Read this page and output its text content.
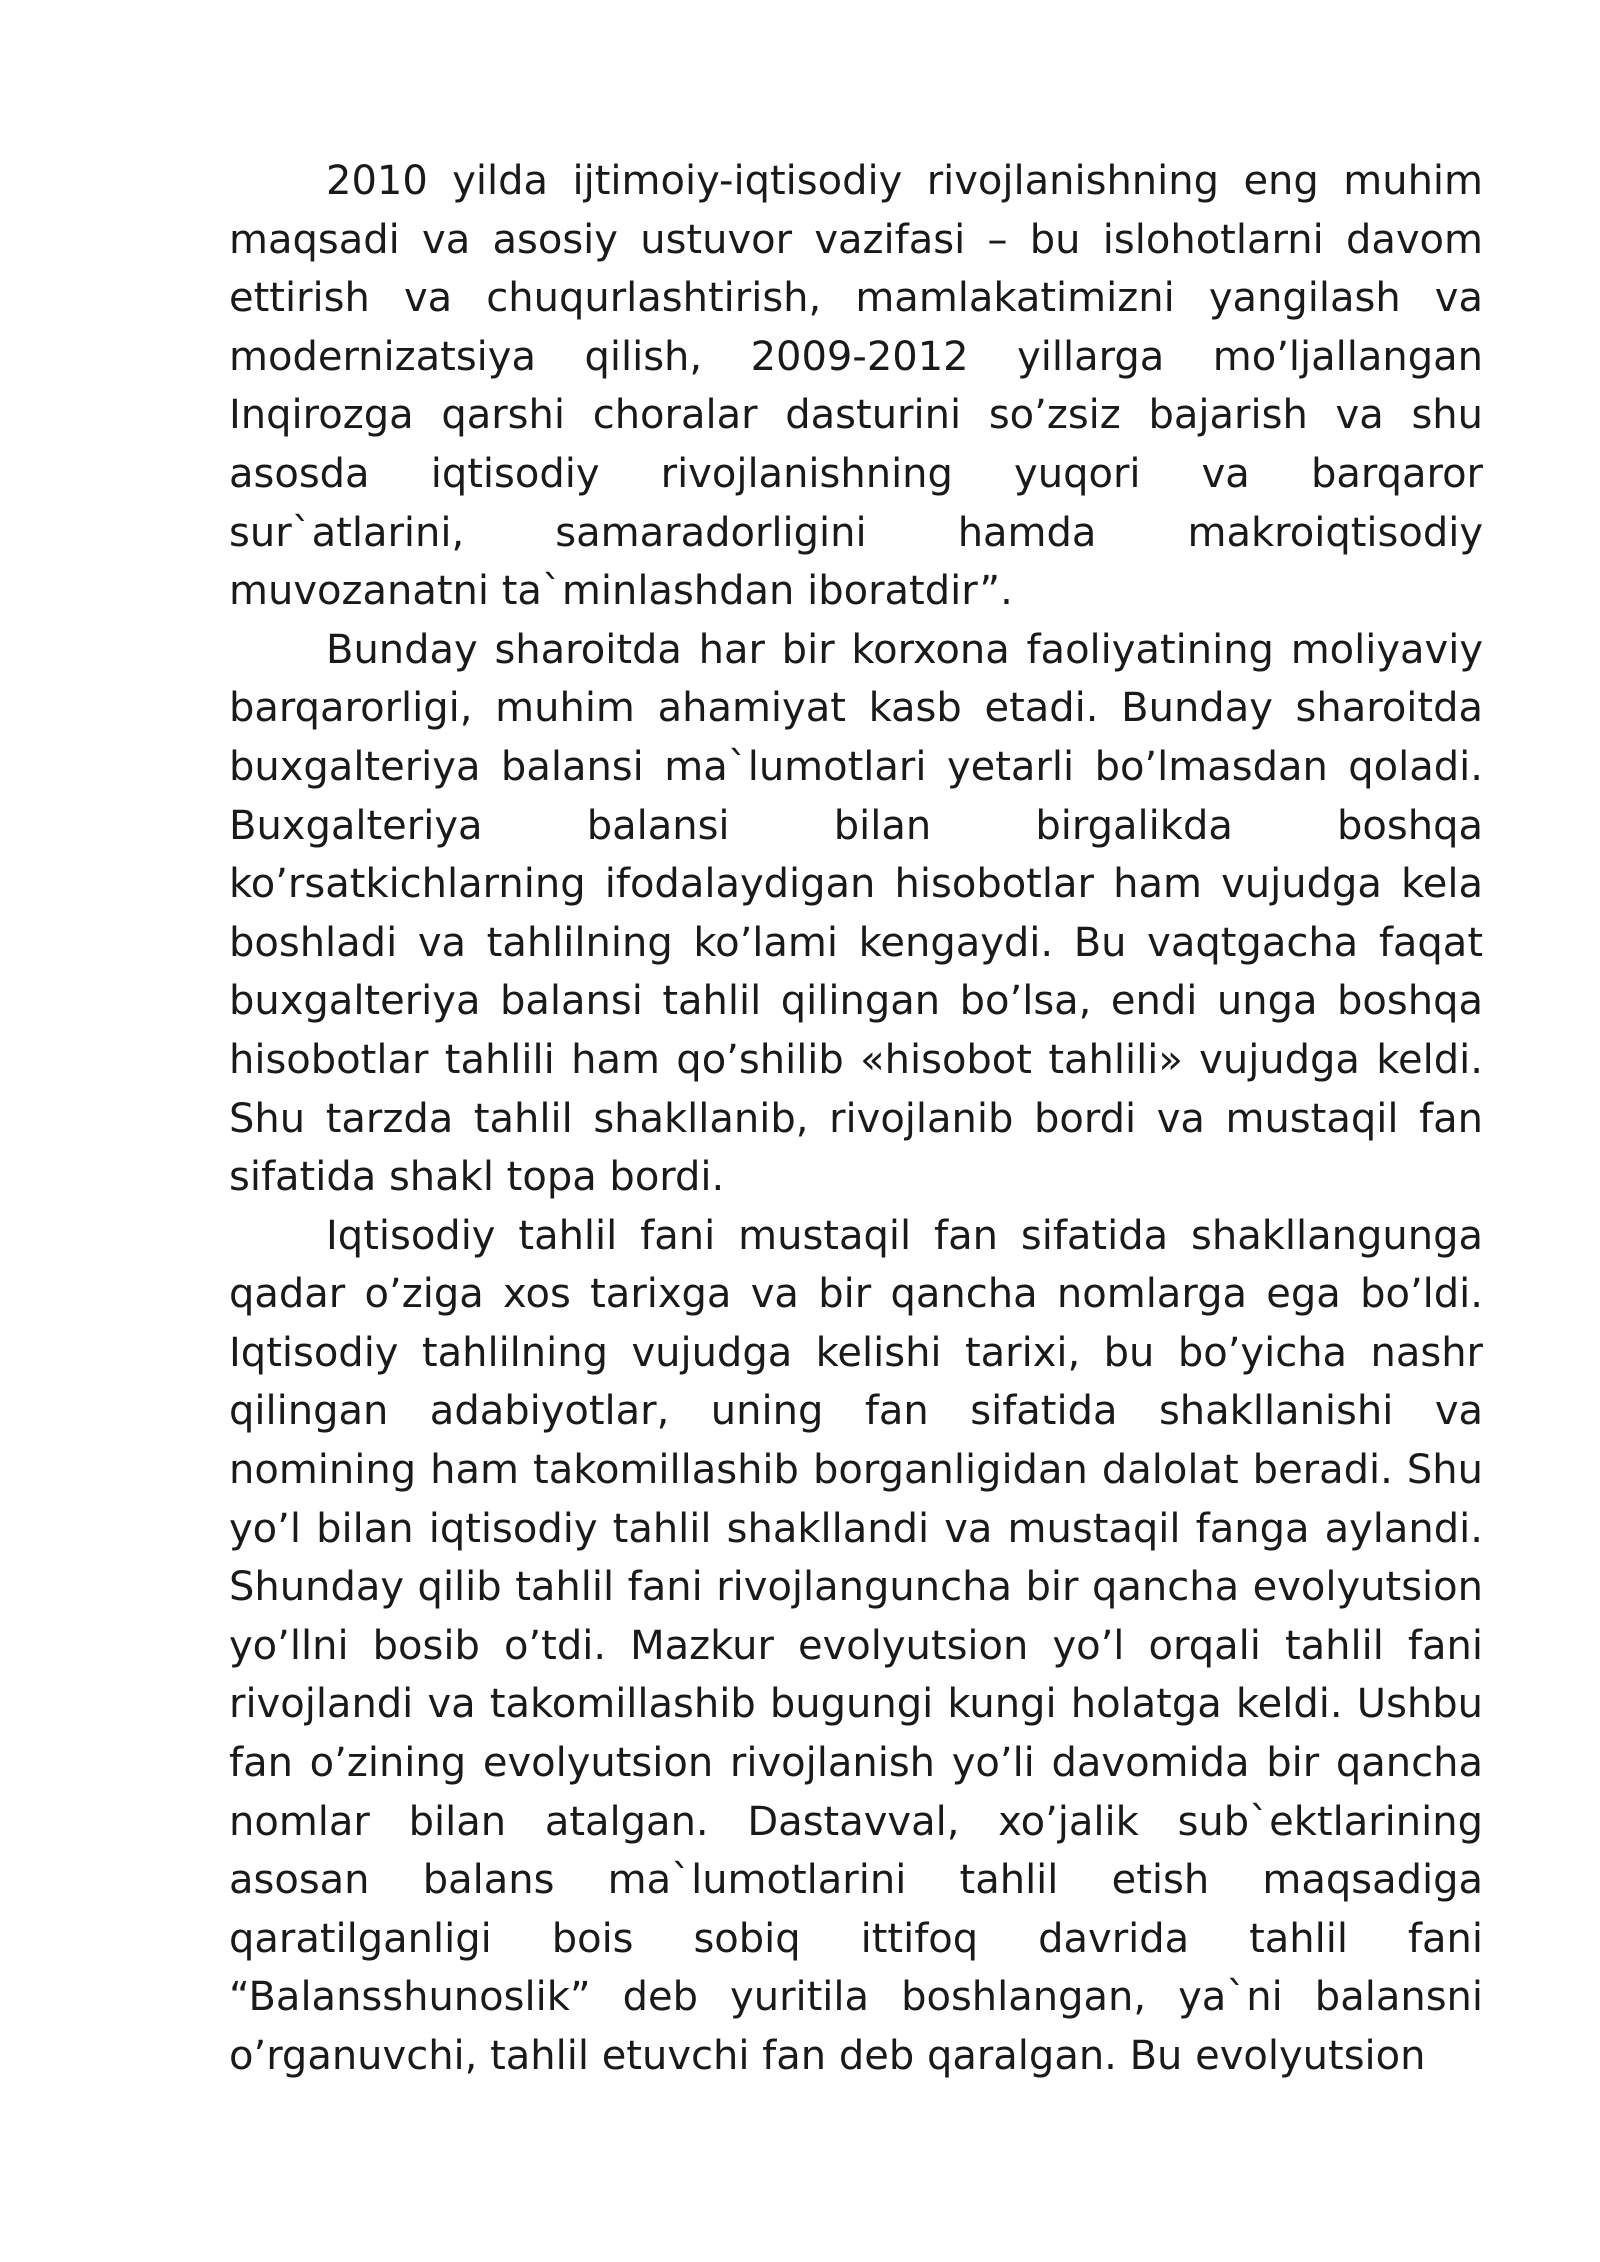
2010 yilda ijtimoiy-iqtisodiy rivojlanishning eng muhim maqsadi va asosiy ustuvor vazifasi – bu islohotlarni davom ettirish va chuqurlashtirish, mamlakatimizni yangilash va modernizatsiya qilish, 2009-2012 yillarga mo’ljallangan Inqirozga qarshi choralar dasturini so’zsiz bajarish va shu asosda iqtisodiy rivojlanishning yuqori va barqaror sur`atlarini, samaradorligini hamda makroiqtisodiy muvozanatni ta`minlashdan iboratdir”.

Bunday sharoitda har bir korxona faoliyatining moliyaviy barqarorligi, muhim ahamiyat kasb etadi. Bunday sharoitda buxgalteriya balansi ma`lumotlari yetarli bo’lmasdan qoladi. Buxgalteriya balansi bilan birgalikda boshqa ko’rsatkichlarning ifodalaydigan hisobotlar ham vujudga kela boshladi va tahlilning ko’lami kengaydi. Bu vaqtgacha faqat buxgalteriya balansi tahlil qilingan bo’lsa, endi unga boshqa hisobotlar tahlili ham qo’shilib «hisobot tahlili» vujudga keldi. Shu tarzda tahlil shakllanib, rivojlanib bordi va mustaqil fan sifatida shakl topa bordi.

Iqtisodiy tahlil fani mustaqil fan sifatida shakllangunga qadar o’ziga xos tarixga va bir qancha nomlarga ega bo’ldi. Iqtisodiy tahlilning vujudga kelishi tarixi, bu bo’yicha nashr qilingan adabiyotlar, uning fan sifatida shakllanishi va nomining ham takomillashib borganligidan dalolat beradi. Shu yo’l bilan iqtisodiy tahlil shakllandi va mustaqil fanga aylandi. Shunday qilib tahlil fani rivojlanguncha bir qancha evolyutsion yo’llni bosib o’tdi. Mazkur evolyutsion yo’l orqali tahlil fani rivojlandi va takomillashib bugungi kungi holatga keldi. Ushbu fan o’zining evolyutsion rivojlanish yo’li davomida bir qancha nomlar bilan atalgan. Dastavval, xo’jalik sub`ektlarining asosan balans ma`lumotlarini tahlil etish maqsadiga qaratilganligi bois sobiq ittifoq davrida tahlil fani “Balansshunoslik” deb yuritila boshlangan, ya`ni balansni o’rganuvchi, tahlil etuvchi fan deb qaralgan. Bu evolyutsion
